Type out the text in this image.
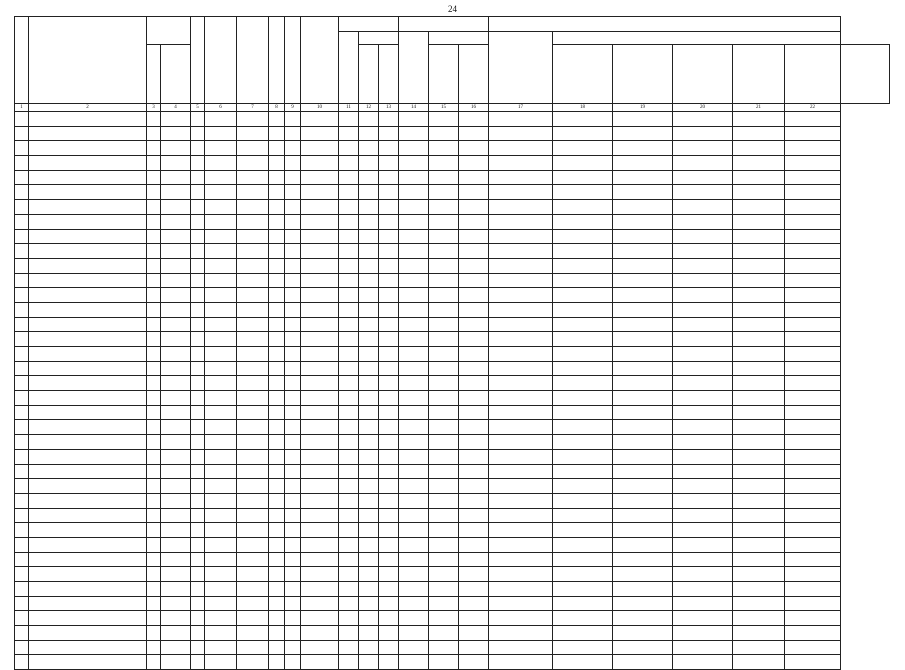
24

1	2	3	4	5	6	7	8	9	10	11	12	13	14	15	16	17	18	19	20	21	22	
